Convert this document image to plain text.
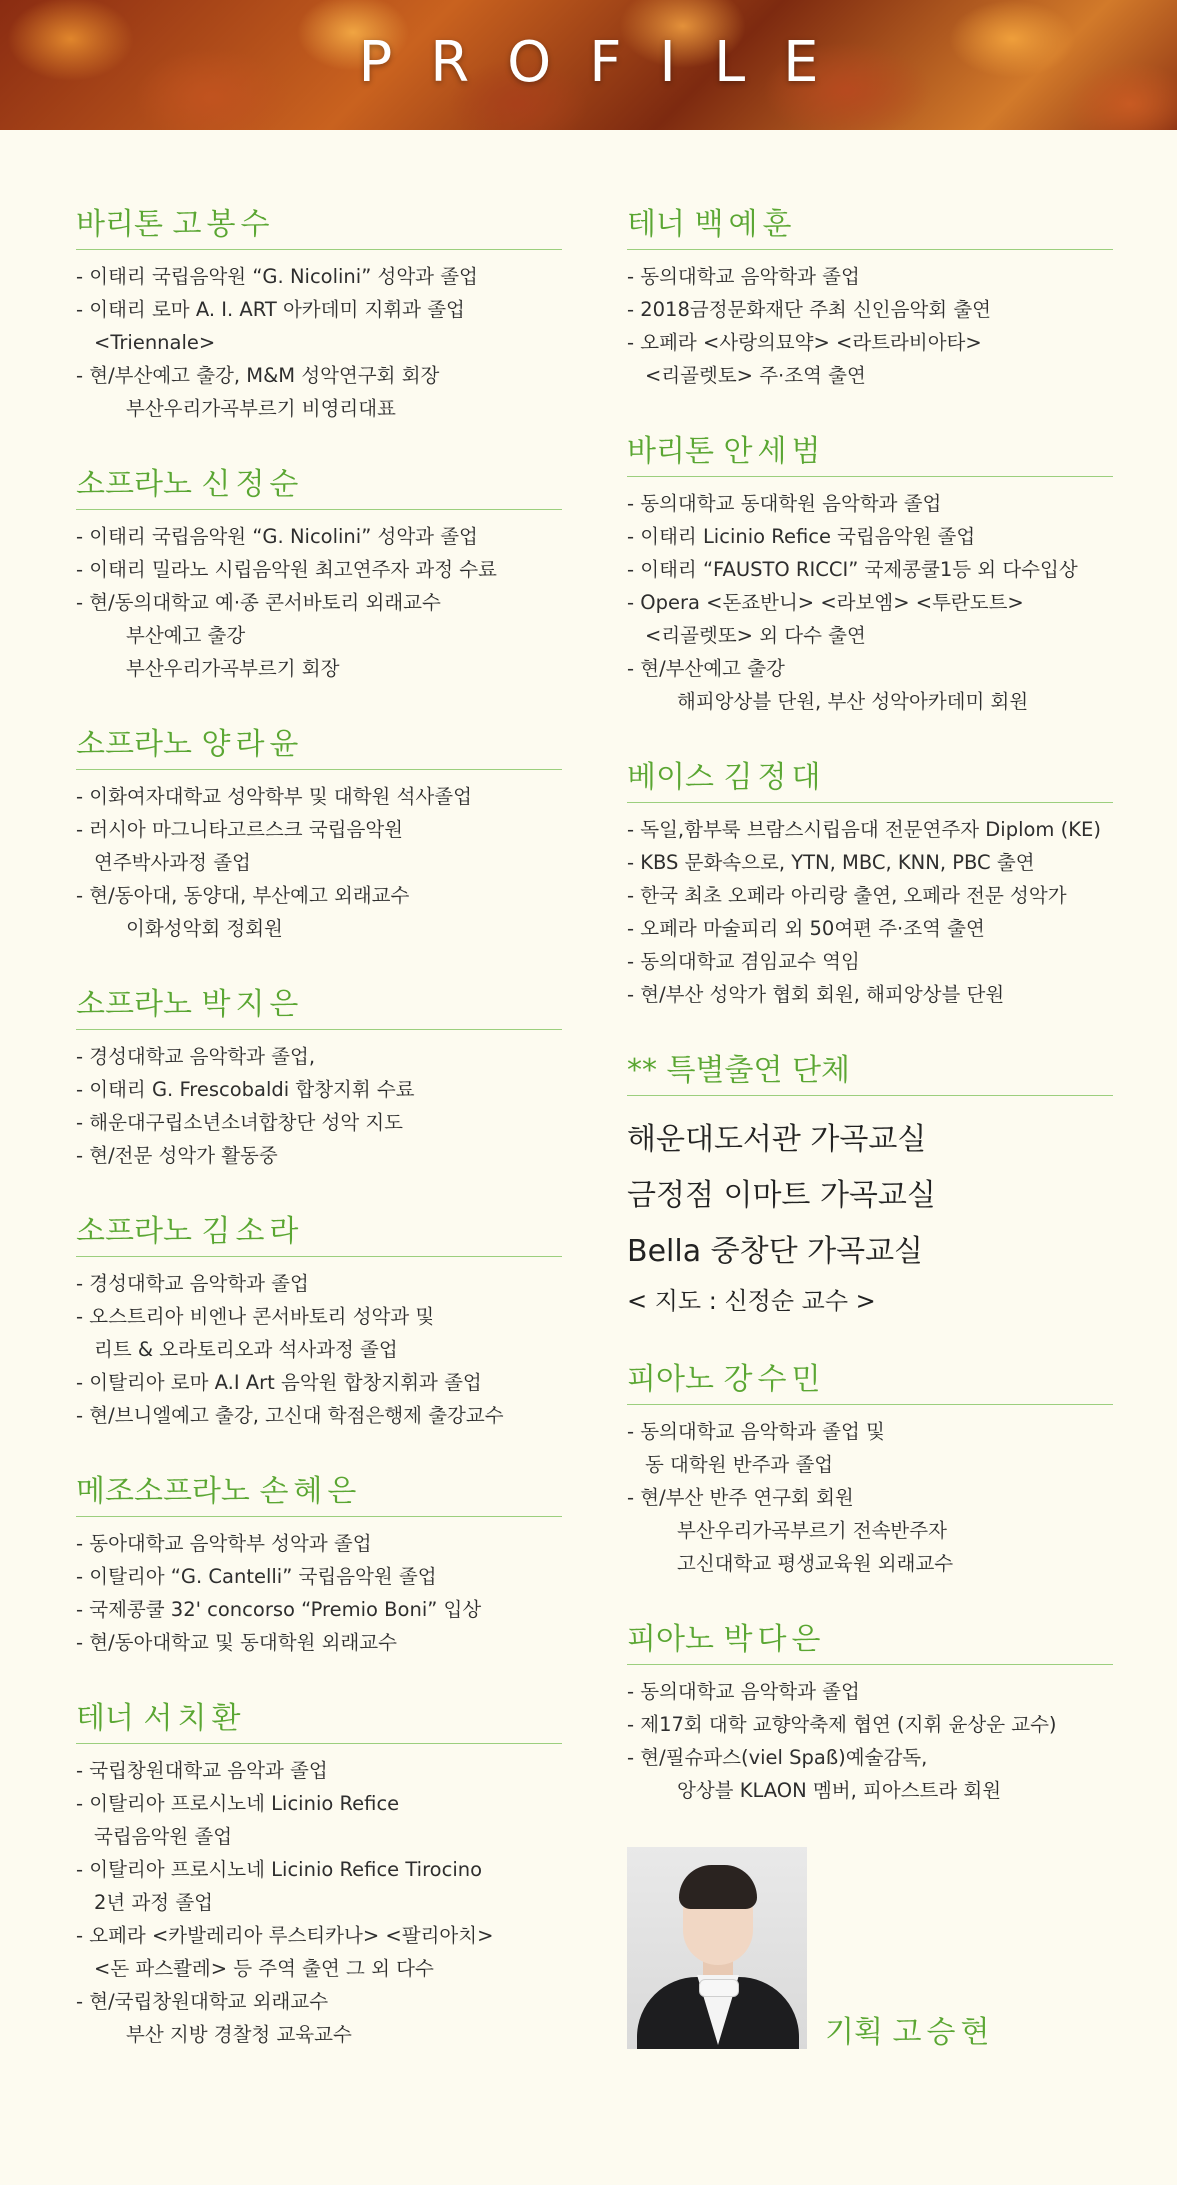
PROFILE
바리톤 고봉수
- 이태리 국립음악원 “G. Nicolini” 성악과 졸업
- 이태리 로마 A. I. ART 아카데미 지휘과 졸업
<Triennale>
- 현/부산예고 출강, M&M 성악연구회 회장
부산우리가곡부르기 비영리대표
소프라노 신정순
- 이태리 국립음악원 “G. Nicolini” 성악과 졸업
- 이태리 밀라노 시립음악원 최고연주자 과정 수료
- 현/동의대학교 예·종 콘서바토리 외래교수
부산예고 출강
부산우리가곡부르기 회장
소프라노 양라윤
- 이화여자대학교 성악학부 및 대학원 석사졸업
- 러시아 마그니타고르스크 국립음악원
연주박사과정 졸업
- 현/동아대, 동양대, 부산예고 외래교수
이화성악회 정회원
소프라노 박지은
- 경성대학교 음악학과 졸업,
- 이태리 G. Frescobaldi 합창지휘 수료
- 해운대구립소년소녀합창단 성악 지도
- 현/전문 성악가 활동중
소프라노 김소라
- 경성대학교 음악학과 졸업
- 오스트리아 비엔나 콘서바토리 성악과 및
리트 & 오라토리오과 석사과정 졸업
- 이탈리아 로마 A.I Art 음악원 합창지휘과 졸업
- 현/브니엘예고 출강, 고신대 학점은행제 출강교수
메조소프라노 손혜은
- 동아대학교 음악학부 성악과 졸업
- 이탈리아 “G. Cantelli” 국립음악원 졸업
- 국제콩쿨 32' concorso “Premio Boni” 입상
- 현/동아대학교 및 동대학원 외래교수
테너 서치환
- 국립창원대학교 음악과 졸업
- 이탈리아 프로시노네 Licinio Refice
국립음악원 졸업
- 이탈리아 프로시노네 Licinio Refice Tirocino
2년 과정 졸업
- 오페라 <카발레리아 루스티카나> <팔리아치>
<돈 파스콸레> 등 주역 출연 그 외 다수
- 현/국립창원대학교 외래교수
부산 지방 경찰청 교육교수
테너 백예훈
- 동의대학교 음악학과 졸업
- 2018금정문화재단 주최 신인음악회 출연
- 오페라 <사랑의묘약> <라트라비아타>
<리골렛토> 주·조역 출연
바리톤 안세범
- 동의대학교 동대학원 음악학과 졸업
- 이태리 Licinio Refice 국립음악원 졸업
- 이태리 “FAUSTO RICCI” 국제콩쿨1등 외 다수입상
- Opera <돈죠반니> <라보엠> <투란도트>
<리골렛또> 외 다수 출연
- 현/부산예고 출강
해피앙상블 단원, 부산 성악아카데미 회원
베이스 김정대
- 독일,함부룩 브람스시립음대 전문연주자 Diplom (KE)
- KBS 문화속으로, YTN, MBC, KNN, PBC 출연
- 한국 최초 오페라 아리랑 출연, 오페라 전문 성악가
- 오페라 마술피리 외 50여편 주·조역 출연
- 동의대학교 겸임교수 역임
- 현/부산 성악가 협회 회원, 해피앙상블 단원
** 특별출연 단체
해운대도서관 가곡교실
금정점 이마트 가곡교실
Bella 중창단 가곡교실
< 지도 : 신정순 교수 >
피아노 강수민
- 동의대학교 음악학과 졸업 및
동 대학원 반주과 졸업
- 현/부산 반주 연구회 회원
부산우리가곡부르기 전속반주자
고신대학교 평생교육원 외래교수
피아노 박다은
- 동의대학교 음악학과 졸업
- 제17회 대학 교향악축제 협연 (지휘 윤상운 교수)
- 현/필슈파스(viel Spaß)예술감독,
앙상블 KLAON 멤버, 피아스트라 회원
기획 고승현
